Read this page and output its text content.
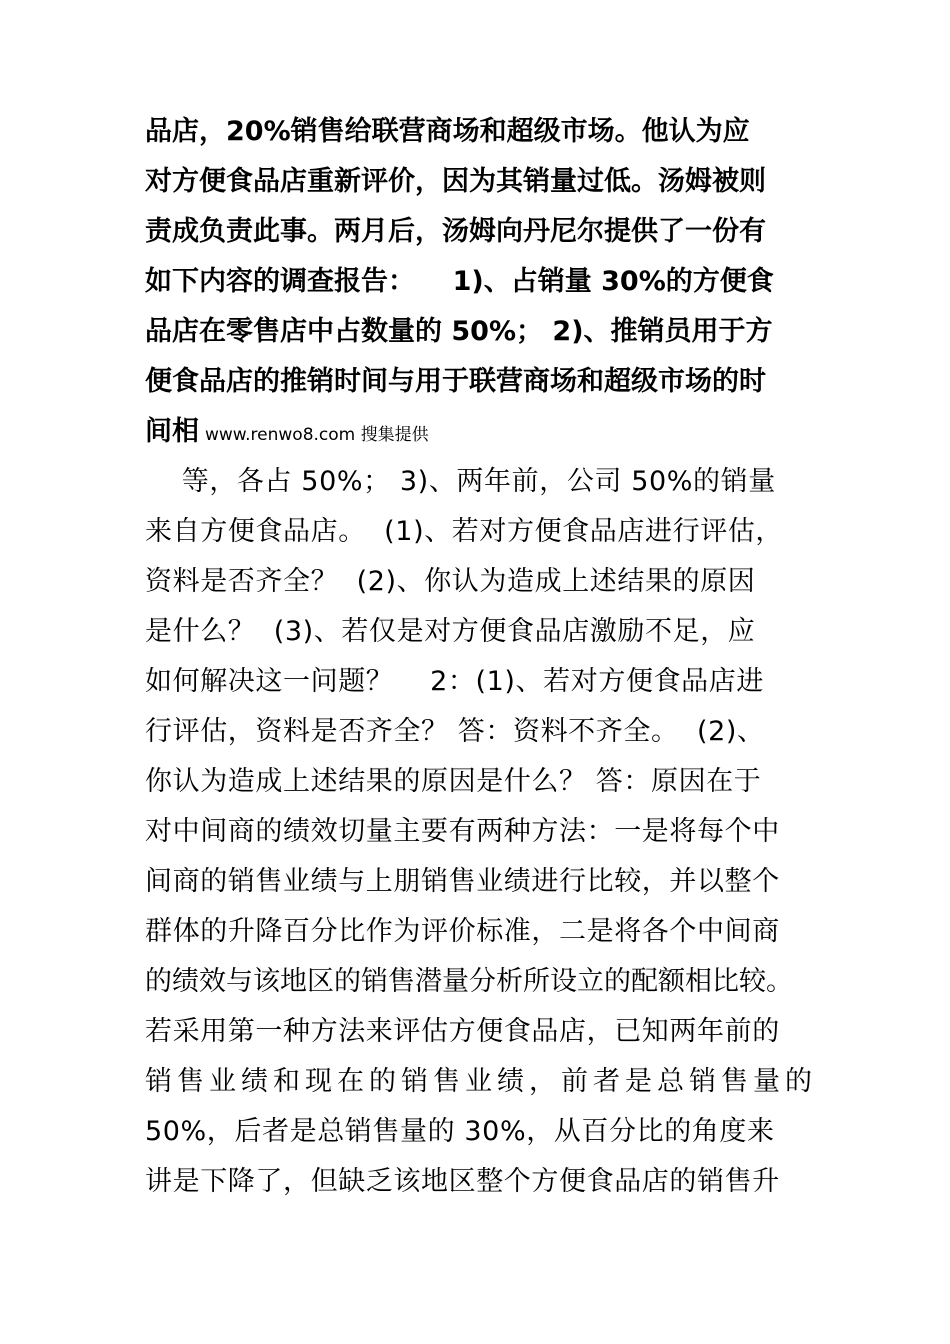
品店，20%销售给联营商场和超级市场。他认为应
对方便食品店重新评价，因为其销量过低。汤姆被则
责成负责此事。两月后，汤姆向丹尼尔提供了一份有
如下内容的调查报告：    1)、占销量 30%的方便食
品店在零售店中占数量的 50%； 2)、推销员用于方
便食品店的推销时间与用于联营商场和超级市场的时
间相 www.renwo8.com 搜集提供
等，各占 50%； 3)、两年前，公司 50%的销量
来自方便食品店。  (1)、若对方便食品店进行评估，
资料是否齐全？  (2)、你认为造成上述结果的原因
是什么？  (3)、若仅是对方便食品店激励不足，应
如何解决这一问题？    2：(1)、若对方便食品店进
行评估，资料是否齐全？ 答：资料不齐全。  (2)、
你认为造成上述结果的原因是什么？ 答：原因在于
对中间商的绩效切量主要有两种方法：一是将每个中
间商的销售业绩与上朋销售业绩进行比较，并以整个
群体的升降百分比作为评价标准，二是将各个中间商
的绩效与该地区的销售潜量分析所设立的配额相比较。
若采用第一种方法来评估方便食品店，已知两年前的
销售业绩和现在的销售业绩，前者是总销售量的
50%，后者是总销售量的 30%，从百分比的角度来
讲是下降了，但缺乏该地区整个方便食品店的销售升
